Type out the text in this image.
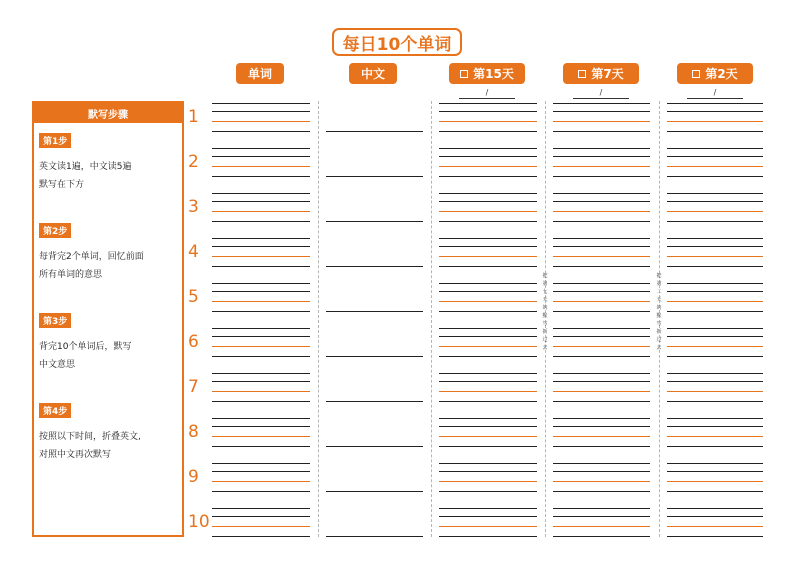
每日10个单词
单词	中文	第15天	第7天	第2天
/	/	/
默写步骤
第1步
英文读1遍，中文读5遍
默写在下方
第2步
每背完2个单词，回忆前面
所有单词的意思
第3步
背完10个单词后，默写
中文意思
第4步
按照以下时间，折叠英文,
对照中文再次默写
1
2
3
4
5
6
7
8
9
10
把
第
七
天
的
默
写
折
过
去
把
第
二
天
的
默
写
折
过
去
